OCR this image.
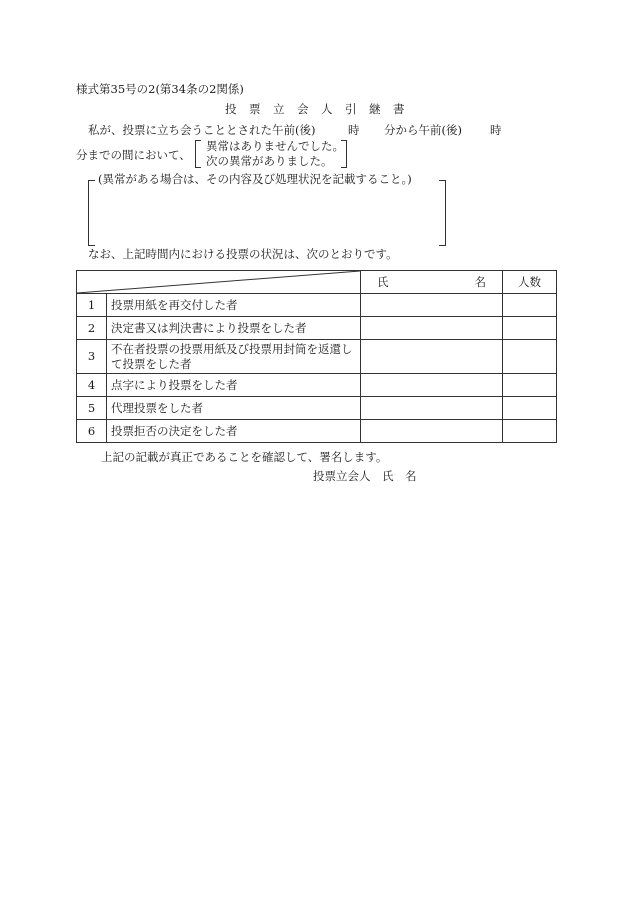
様式第35号の2(第34条の2関係)
投　票　立　会　人　引　継　書
私が、投票に立ち会うこととされた午前(後)	時 分から午前(後) 時
分までの間において、
異常はありませんでした。
次の異常がありました。
(異常がある場合は、その内容及び処理状況を記載すること。)
なお、上記時間内における投票の状況は、次のとおりです。

氏 名	人数
1	投票用紙を再交付した者		
2	決定書又は判決書により投票をした者		
3	不在者投票の投票用紙及び投票用封筒を返還して投票をした者		
4	点字により投票をした者		
5	代理投票をした者		
6	投票拒否の決定をした者		
上記の記載が真正であることを確認して、署名します。
投票立会人　氏　名
